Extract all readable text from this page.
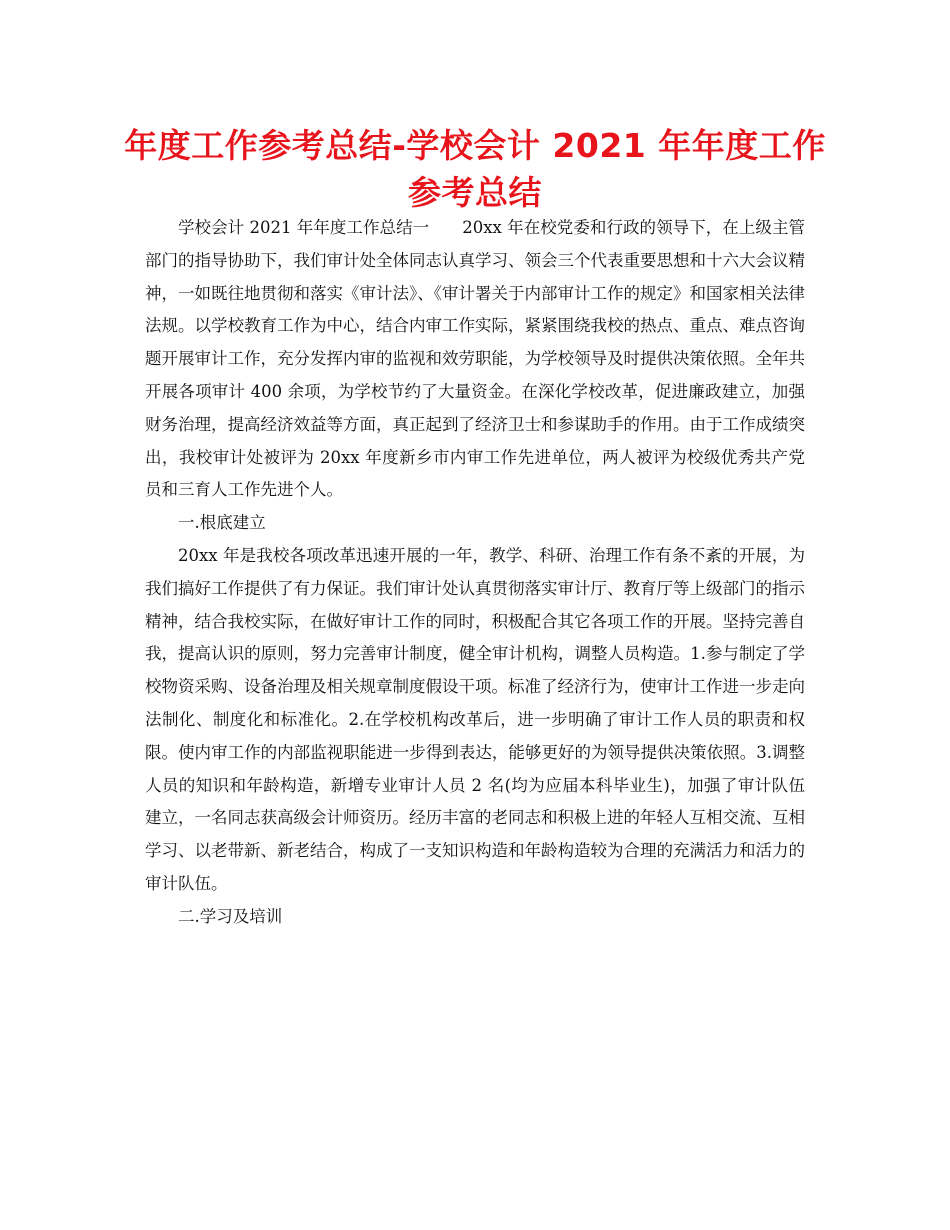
年度工作参考总结-学校会计 2021 年年度工作参考总结

学校会计 2021 年年度工作总结一　　20xx 年在校党委和行政的领导下，在上级主管部门的指导协助下，我们审计处全体同志认真学习、领会三个代表重要思想和十六大会议精神，一如既往地贯彻和落实《审计法》、《审计署关于内部审计工作的规定》和国家相关法律法规。以学校教育工作为中心，结合内审工作实际，紧紧围绕我校的热点、重点、难点咨询题开展审计工作，充分发挥内审的监视和效劳职能，为学校领导及时提供决策依照。全年共开展各项审计 400 余项，为学校节约了大量资金。在深化学校改革，促进廉政建立，加强财务治理，提高经济效益等方面，真正起到了经济卫士和参谋助手的作用。由于工作成绩突出，我校审计处被评为 20xx 年度新乡市内审工作先进单位，两人被评为校级优秀共产党员和三育人工作先进个人。

一.根底建立

20xx 年是我校各项改革迅速开展的一年，教学、科研、治理工作有条不紊的开展，为我们搞好工作提供了有力保证。我们审计处认真贯彻落实审计厅、教育厅等上级部门的指示精神，结合我校实际，在做好审计工作的同时，积极配合其它各项工作的开展。坚持完善自我，提高认识的原则，努力完善审计制度，健全审计机构，调整人员构造。1.参与制定了学校物资采购、设备治理及相关规章制度假设干项。标准了经济行为，使审计工作进一步走向法制化、制度化和标准化。2.在学校机构改革后，进一步明确了审计工作人员的职责和权限。使内审工作的内部监视职能进一步得到表达，能够更好的为领导提供决策依照。3.调整人员的知识和年龄构造，新增专业审计人员 2 名(均为应届本科毕业生)，加强了审计队伍建立，一名同志获高级会计师资历。经历丰富的老同志和积极上进的年轻人互相交流、互相学习、以老带新、新老结合，构成了一支知识构造和年龄构造较为合理的充满活力和活力的审计队伍。

二.学习及培训
